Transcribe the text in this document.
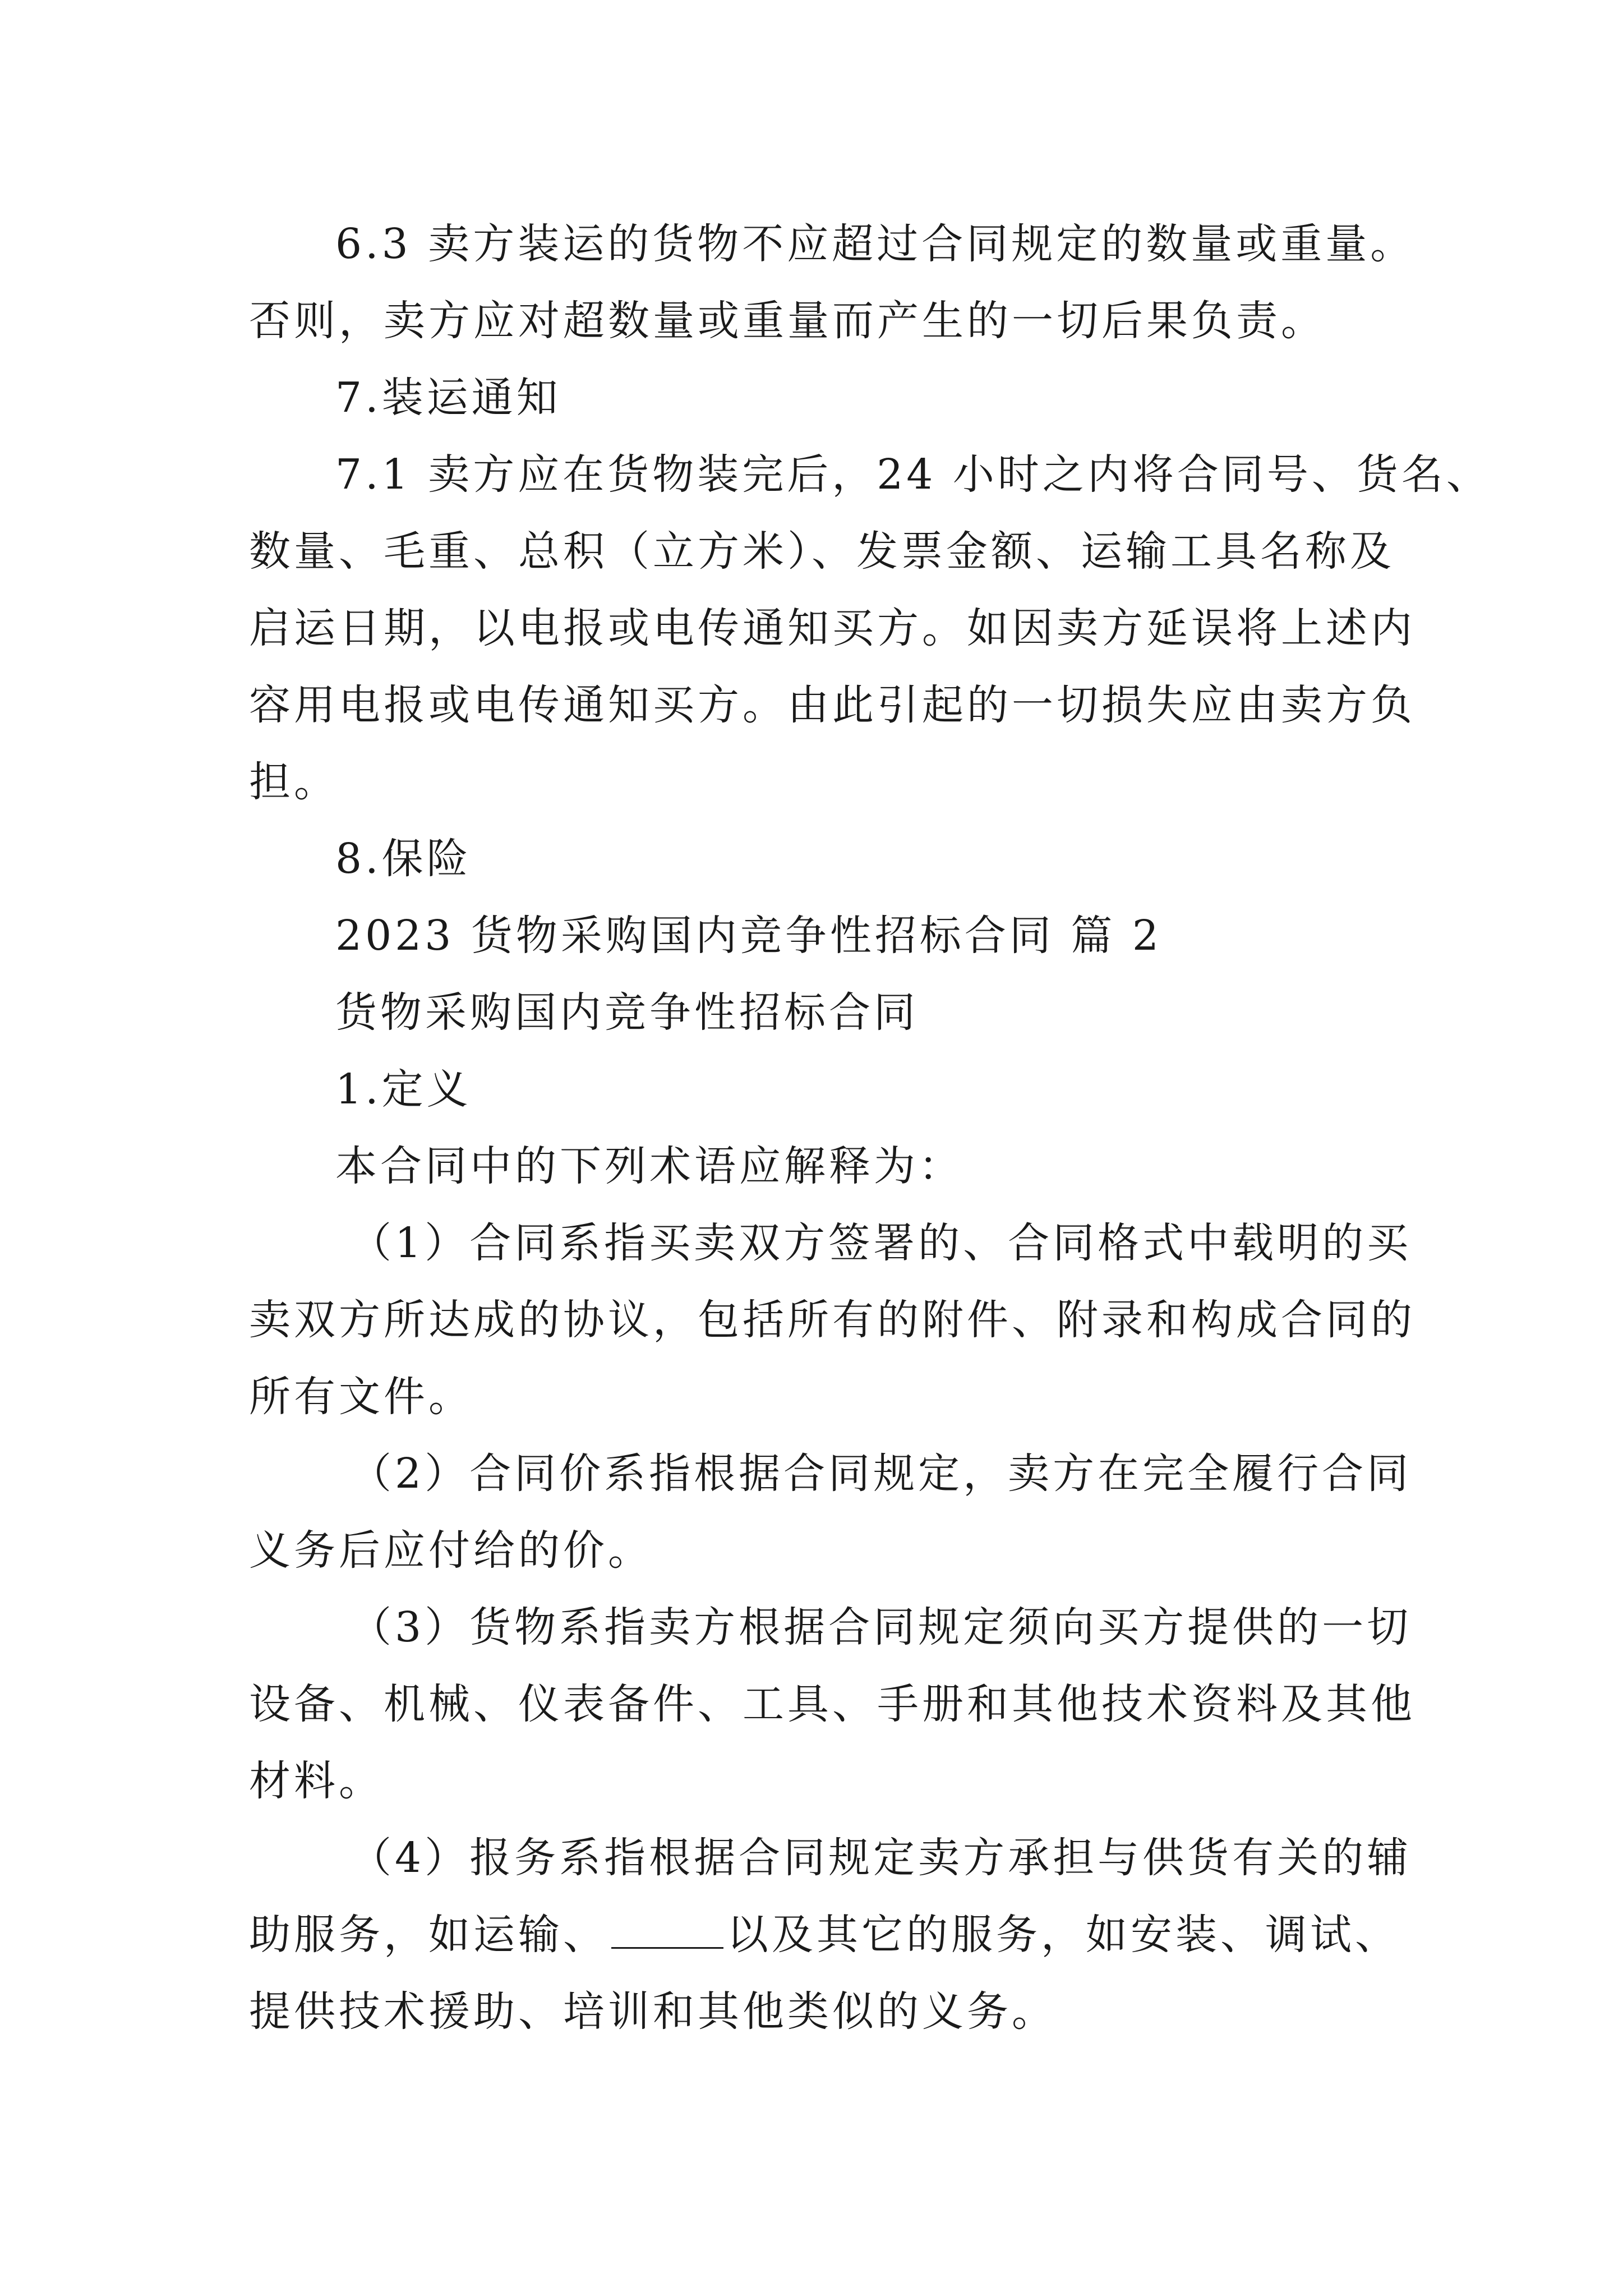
6.3 卖方装运的货物不应超过合同规定的数量或重量。
否则，卖方应对超数量或重量而产生的一切后果负责。
7.装运通知
7.1 卖方应在货物装完后，24 小时之内将合同号、货名、
数量、毛重、总积（立方米）、发票金额、运输工具名称及
启运日期，以电报或电传通知买方。如因卖方延误将上述内
容用电报或电传通知买方。由此引起的一切损失应由卖方负
担。
8.保险
2023 货物采购国内竞争性招标合同 篇 2
货物采购国内竞争性招标合同
1.定义
本合同中的下列术语应解释为：
（1）合同系指买卖双方签署的、合同格式中载明的买
卖双方所达成的协议，包括所有的附件、附录和构成合同的
所有文件。
（2）合同价系指根据合同规定，卖方在完全履行合同
义务后应付给的价。
（3）货物系指卖方根据合同规定须向买方提供的一切
设备、机械、仪表备件、工具、手册和其他技术资料及其他
材料。
（4）报务系指根据合同规定卖方承担与供货有关的辅
助服务，如运输、	以及其它的服务，如安装、调试、
提供技术援助、培训和其他类似的义务。
